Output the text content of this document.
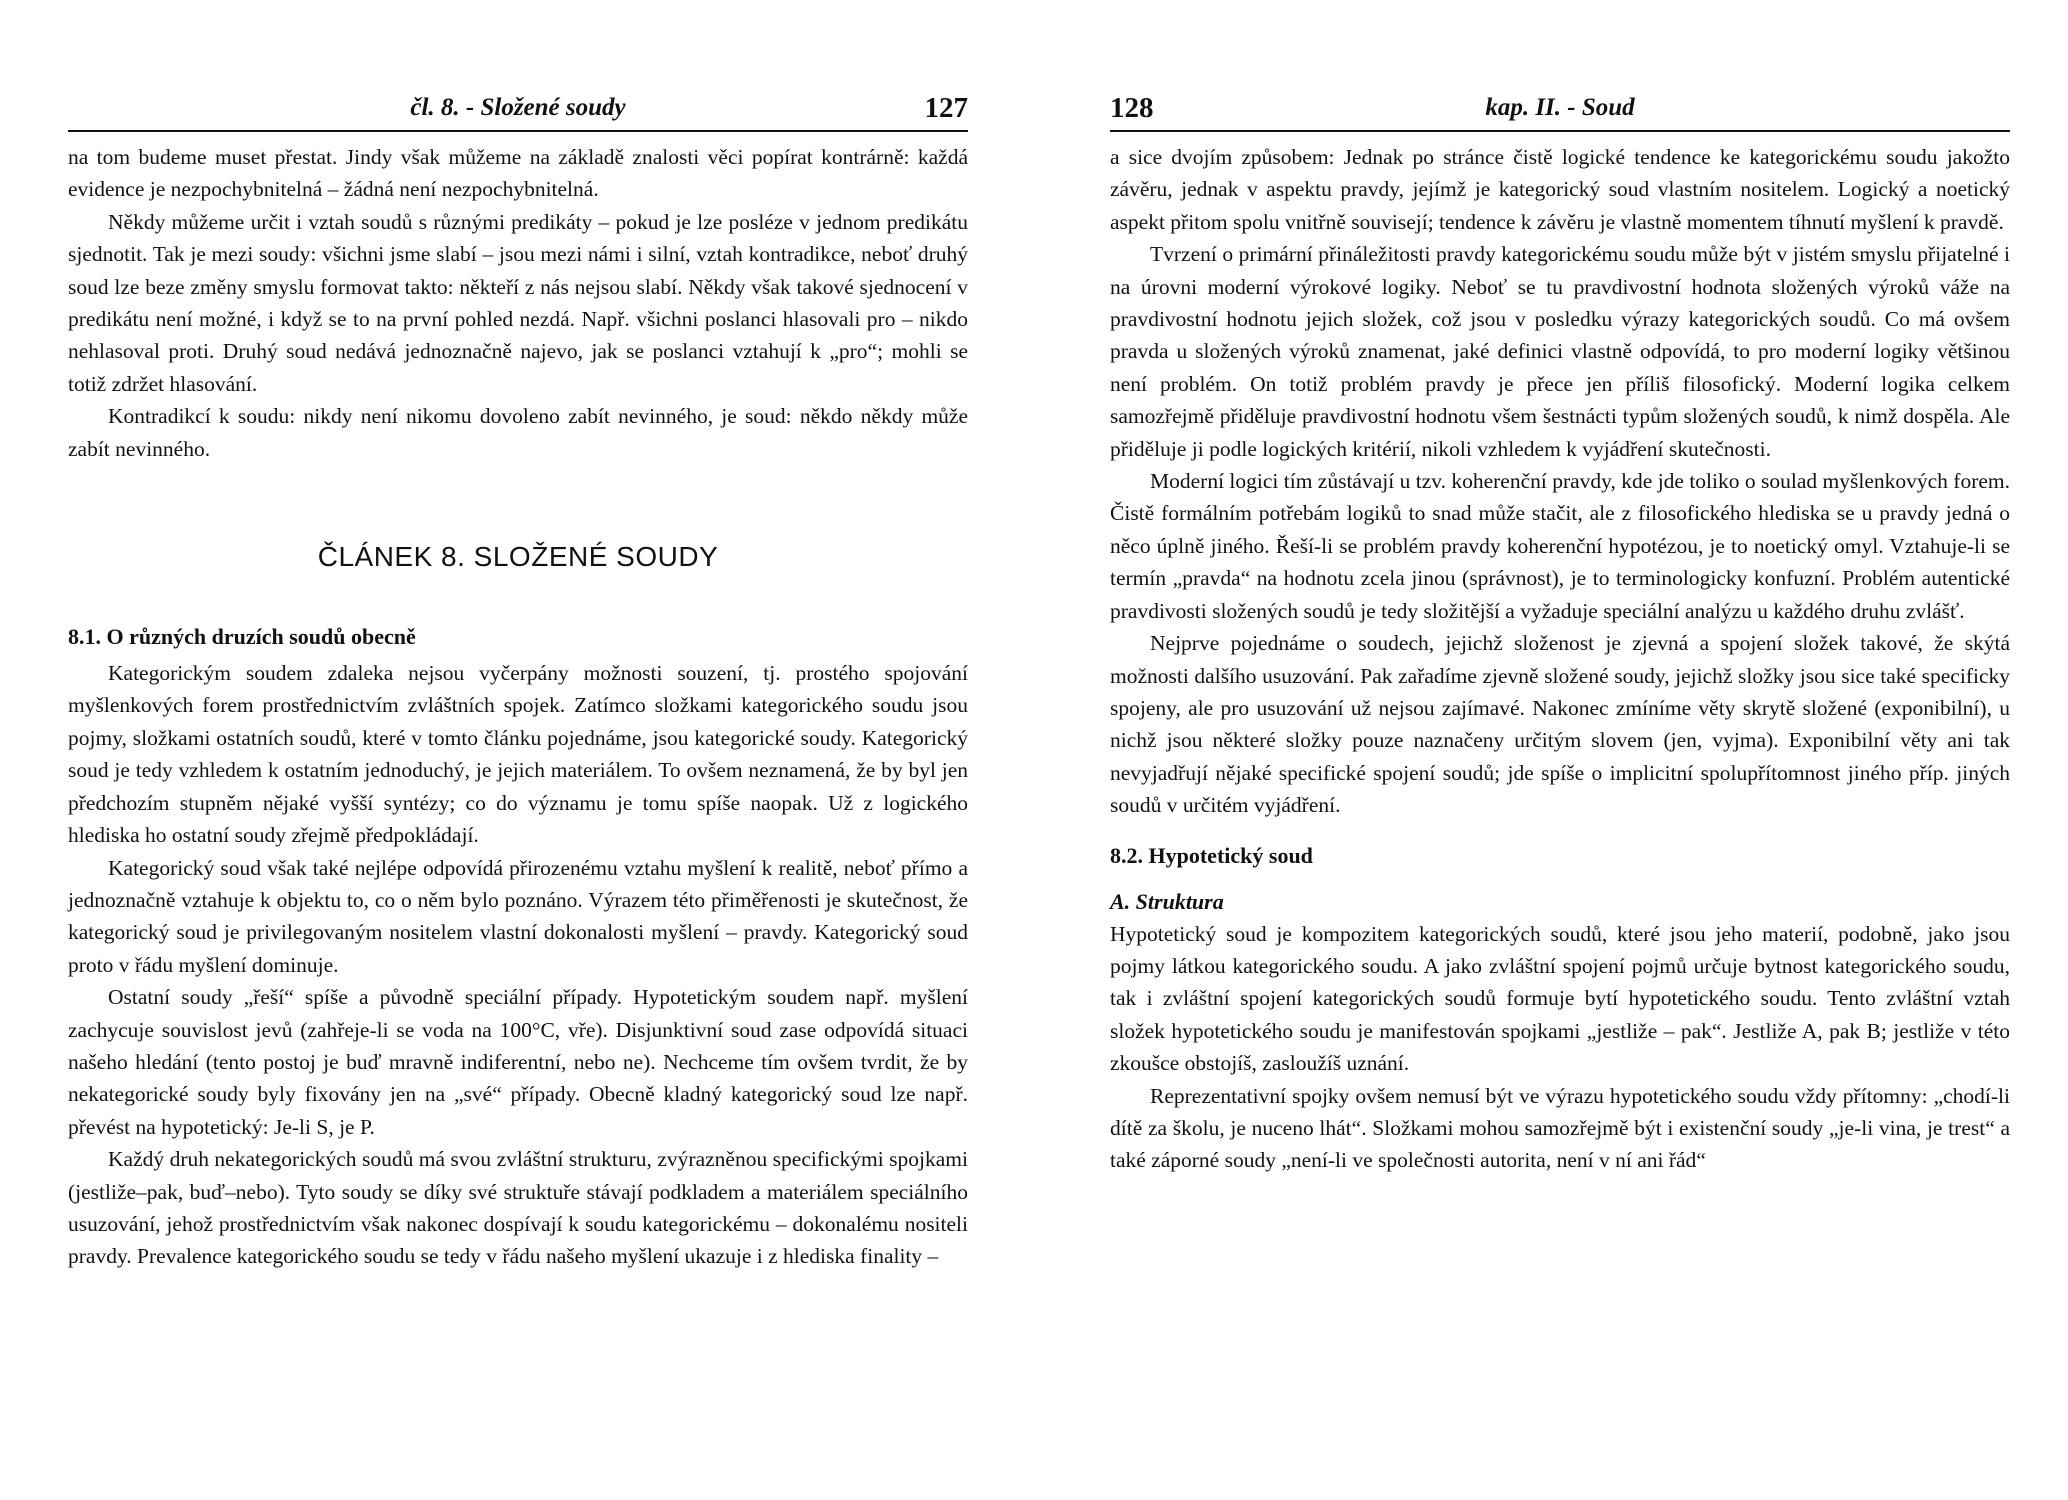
čl. 8. - Složené soudy	127

na tom budeme muset přestat. Jindy však můžeme na základě znalosti věci popírat kontrárně: každá evidence je nezpochybnitelná – žádná není nezpochybnitelná.

Někdy můžeme určit i vztah soudů s různými predikáty – pokud je lze posléze v jednom predikátu sjednotit. Tak je mezi soudy: všichni jsme slabí – jsou mezi námi i silní, vztah kontradikce, neboť druhý soud lze beze změny smyslu formovat takto: někteří z nás nejsou slabí. Někdy však takové sjednocení v predikátu není možné, i když se to na první pohled nezdá. Např. všichni poslanci hlasovali pro – nikdo nehlasoval proti. Druhý soud nedává jednoznačně najevo, jak se poslanci vztahují k „pro“; mohli se totiž zdržet hlasování.

Kontradikcí k soudu: nikdy není nikomu dovoleno zabít nevinného, je soud: někdo někdy může zabít nevinného.

ČLÁNEK 8. SLOŽENÉ SOUDY
8.1. O různých druzích soudů obecně

Kategorickým soudem zdaleka nejsou vyčerpány možnosti souzení, tj. prostého spojování myšlenkových forem prostřednictvím zvláštních spojek. Zatímco složkami kategorického soudu jsou pojmy, složkami ostatních soudů, které v tomto článku pojednáme, jsou kategorické soudy. Kategorický soud je tedy vzhledem k ostatním jednoduchý, je jejich materiálem. To ovšem neznamená, že by byl jen předchozím stupněm nějaké vyšší syntézy; co do významu je tomu spíše naopak. Už z logického hlediska ho ostatní soudy zřejmě předpokládají.

Kategorický soud však také nejlépe odpovídá přirozenému vztahu myšlení k realitě, neboť přímo a jednoznačně vztahuje k objektu to, co o něm bylo poznáno. Výrazem této přiměřenosti je skutečnost, že kategorický soud je privilegovaným nositelem vlastní dokonalosti myšlení – pravdy. Kategorický soud proto v řádu myšlení dominuje.

Ostatní soudy „řeší“ spíše a původně speciální případy. Hypotetickým soudem např. myšlení zachycuje souvislost jevů (zahřeje-li se voda na 100°C, vře). Disjunktivní soud zase odpovídá situaci našeho hledání (tento postoj je buď mravně indiferentní, nebo ne). Nechceme tím ovšem tvrdit, že by nekategorické soudy byly fixovány jen na „své“ případy. Obecně kladný kategorický soud lze např. převést na hypotetický: Je-li S, je P.

Každý druh nekategorických soudů má svou zvláštní strukturu, zvýrazněnou specifickými spojkami (jestliže–pak, buď–nebo). Tyto soudy se díky své struktuře stávají podkladem a materiálem speciálního usuzování, jehož prostřednictvím však nakonec dospívají k soudu kategorickému – dokonalému nositeli pravdy. Prevalence kategorického soudu se tedy v řádu našeho myšlení ukazuje i z hlediska finality –

128	kap. II. - Soud

a sice dvojím způsobem: Jednak po stránce čistě logické tendence ke kategorickému soudu jakožto závěru, jednak v aspektu pravdy, jejímž je kategorický soud vlastním nositelem. Logický a noetický aspekt přitom spolu vnitřně souvisejí; tendence k závěru je vlastně momentem tíhnutí myšlení k pravdě.

Tvrzení o primární přináležitosti pravdy kategorickému soudu může být v jistém smyslu přijatelné i na úrovni moderní výrokové logiky. Neboť se tu pravdivostní hodnota složených výroků váže na pravdivostní hodnotu jejich složek, což jsou v posledku výrazy kategorických soudů. Co má ovšem pravda u složených výroků znamenat, jaké definici vlastně odpovídá, to pro moderní logiky většinou není problém. On totiž problém pravdy je přece jen příliš filosofický. Moderní logika celkem samozřejmě přiděluje pravdivostní hodnotu všem šestnácti typům složených soudů, k nimž dospěla. Ale přiděluje ji podle logických kritérií, nikoli vzhledem k vyjádření skutečnosti.

Moderní logici tím zůstávají u tzv. koherenční pravdy, kde jde toliko o soulad myšlenkových forem. Čistě formálním potřebám logiků to snad může stačit, ale z filosofického hlediska se u pravdy jedná o něco úplně jiného. Řeší-li se problém pravdy koherenční hypotézou, je to noetický omyl. Vztahuje-li se termín „pravda“ na hodnotu zcela jinou (správnost), je to terminologicky konfuzní. Problém autentické pravdivosti složených soudů je tedy složitější a vyžaduje speciální analýzu u každého druhu zvlášť.

Nejprve pojednáme o soudech, jejichž složenost je zjevná a spojení složek takové, že skýtá možnosti dalšího usuzování. Pak zařadíme zjevně složené soudy, jejichž složky jsou sice také specificky spojeny, ale pro usuzování už nejsou zajímavé. Nakonec zmíníme věty skrytě složené (exponibilní), u nichž jsou některé složky pouze naznačeny určitým slovem (jen, vyjma). Exponibilní věty ani tak nevyjadřují nějaké specifické spojení soudů; jde spíše o implicitní spolupřítomnost jiného příp. jiných soudů v určitém vyjádření.

8.2. Hypotetický soud
A. Struktura

Hypotetický soud je kompozitem kategorických soudů, které jsou jeho materií, podobně, jako jsou pojmy látkou kategorického soudu. A jako zvláštní spojení pojmů určuje bytnost kategorického soudu, tak i zvláštní spojení kategorických soudů formuje bytí hypotetického soudu. Tento zvláštní vztah složek hypotetického soudu je manifestován spojkami „jestliže – pak“. Jestliže A, pak B; jestliže v této zkoušce obstojíš, zasloužíš uznání.

Reprezentativní spojky ovšem nemusí být ve výrazu hypotetického soudu vždy přítomny: „chodí-li dítě za školu, je nuceno lhát“. Složkami mohou samozřejmě být i existenční soudy „je-li vina, je trest“ a také záporné soudy „není-li ve společnosti autorita, není v ní ani řád“
